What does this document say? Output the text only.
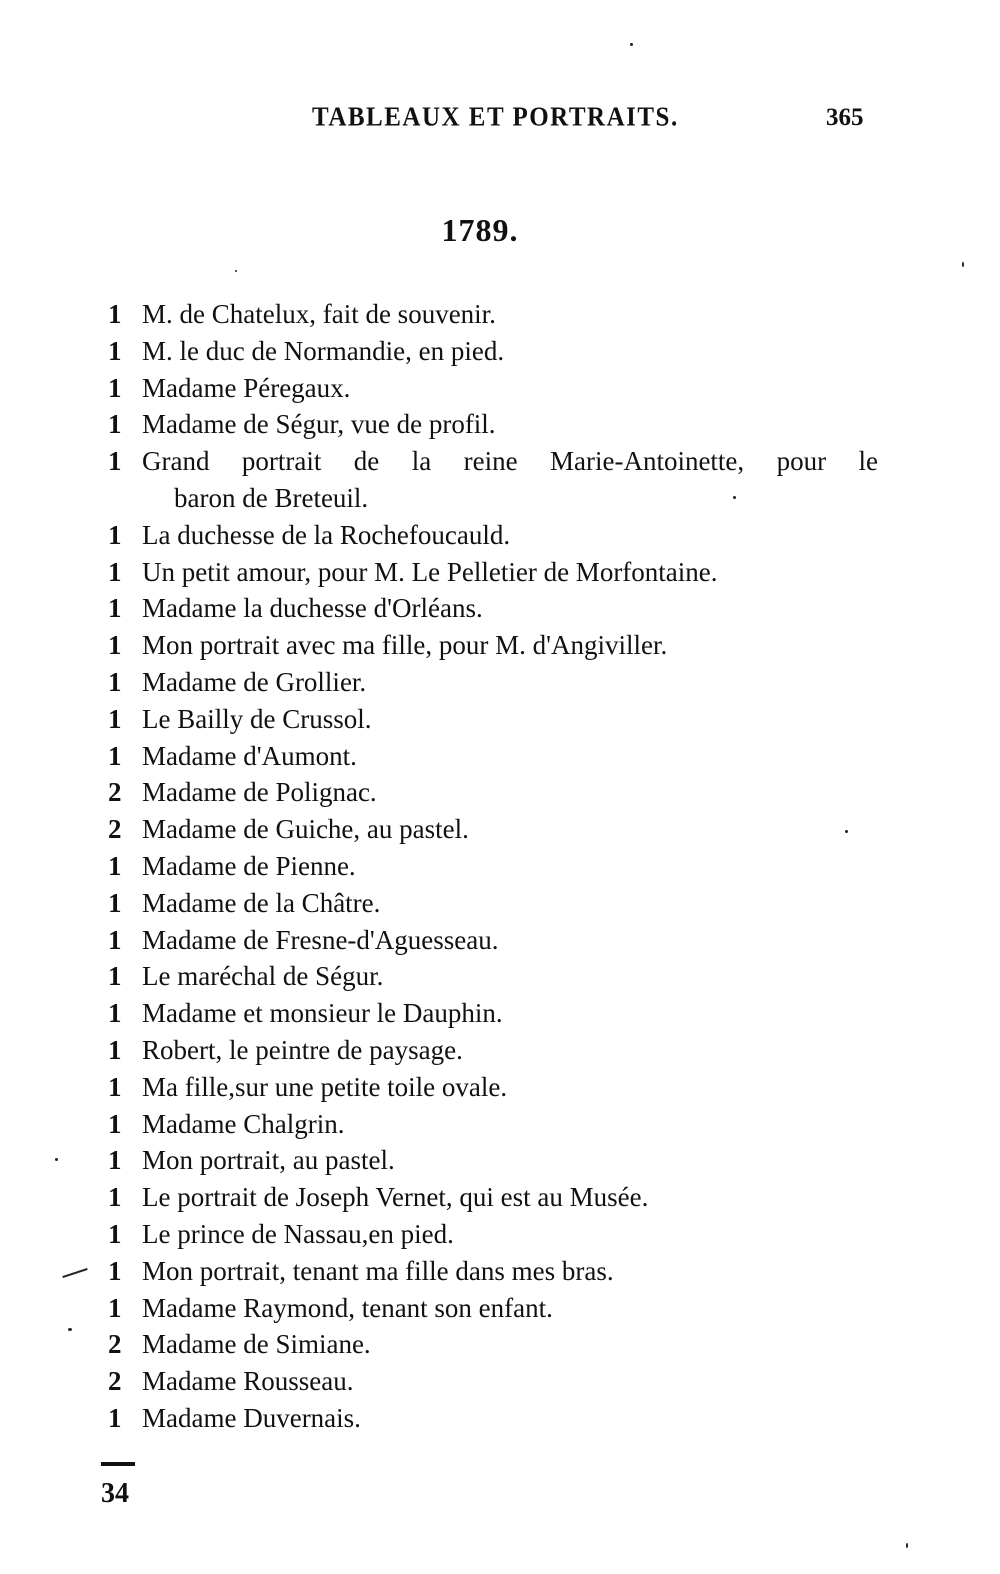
TABLEAUX ET PORTRAITS.	365
1789.
1 M. de Chatelux, fait de souvenir.
1 M. le duc de Normandie, en pied.
1 Madame Péregaux.
1 Madame de Ségur, vue de profil.
1 Grand portrait de la reine Marie-Antoinette, pour le
baron de Breteuil.
1 La duchesse de la Rochefoucauld.
1 Un petit amour, pour M. Le Pelletier de Morfontaine.
1 Madame la duchesse d'Orléans.
1 Mon portrait avec ma fille, pour M. d'Angiviller.
1 Madame de Grollier.
1 Le Bailly de Crussol.
1 Madame d'Aumont.
2 Madame de Polignac.
2 Madame de Guiche, au pastel.
1 Madame de Pienne.
1 Madame de la Châtre.
1 Madame de Fresne-d'Aguesseau.
1 Le maréchal de Ségur.
1 Madame et monsieur le Dauphin.
1 Robert, le peintre de paysage.
1 Ma fille,sur une petite toile ovale.
1 Madame Chalgrin.
1 Mon portrait, au pastel.
1 Le portrait de Joseph Vernet, qui est au Musée.
1 Le prince de Nassau,en pied.
1 Mon portrait, tenant ma fille dans mes bras.
1 Madame Raymond, tenant son enfant.
2 Madame de Simiane.
2 Madame Rousseau.
1 Madame Duvernais.
34
